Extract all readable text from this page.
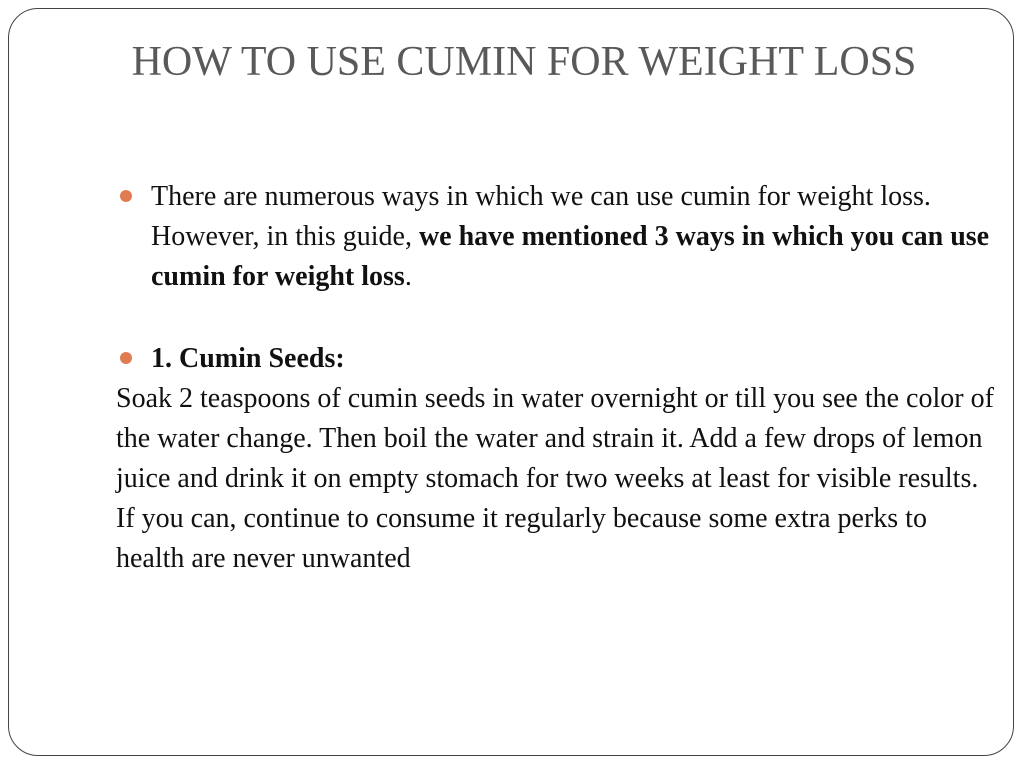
HOW TO USE CUMIN FOR WEIGHT LOSS

There are numerous ways in which we can use cumin for weight loss. However, in this guide, we have mentioned 3 ways in which you can use cumin for weight loss.

1. Cumin Seeds:

Soak 2 teaspoons of cumin seeds in water overnight or till you see the color of the water change. Then boil the water and strain it. Add a few drops of lemon juice and drink it on empty stomach for two weeks at least for visible results. If you can, continue to consume it regularly because some extra perks to health are never unwanted
